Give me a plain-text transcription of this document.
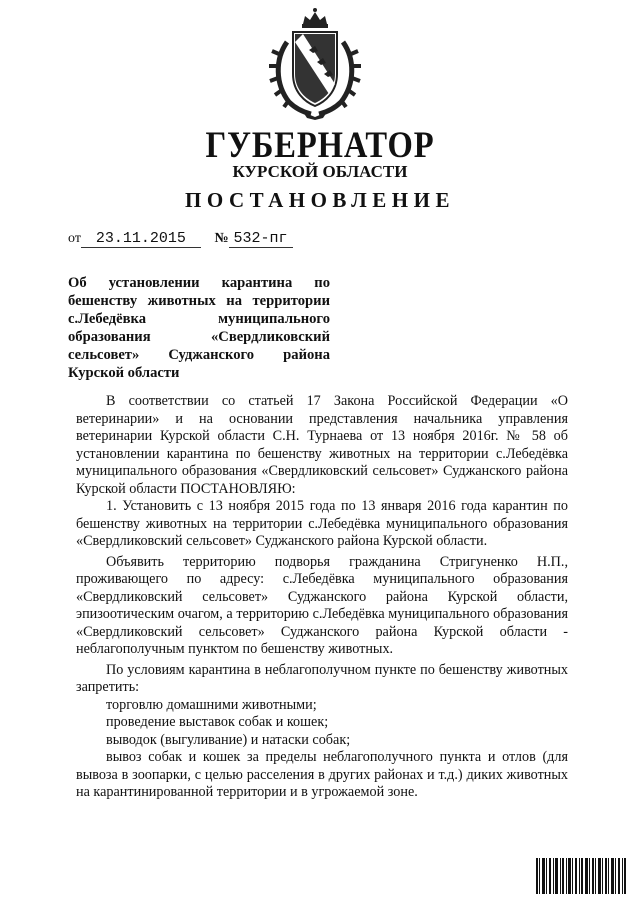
ГУБЕРНАТОР
КУРСКОЙ ОБЛАСТИ
ПОСТАНОВЛЕНИЕ
от 23.11.2015 № 532-пг
Об установлении карантина по
бешенству животных на территории
с.Лебедёвка муниципального
образования «Свердликовский
сельсовет» Суджанского района
Курской области

В соответствии со статьей 17 Закона Российской Федерации «О ветеринарии» и на основании представления начальника управления ветеринарии Курской области С.Н. Турнаева от 13 ноября 2016г. № 58 об установлении карантина по бешенству животных на территории с.Лебедёвка муниципального образования «Свердликовский сельсовет» Суджанского района Курской области ПОСТАНОВЛЯЮ:

1. Установить с 13 ноября 2015 года по 13 января 2016 года карантин по бешенству животных на территории с.Лебедёвка муниципального образования «Свердликовский сельсовет» Суджанского района Курской области.

Объявить территорию подворья гражданина Стригуненко Н.П., проживающего по адресу: с.Лебедёвка муниципального образования «Свердликовский сельсовет» Суджанского района Курской области, эпизоотическим очагом, а территорию с.Лебедёвка муниципального образования «Свердликовский сельсовет» Суджанского района Курской области - неблагополучным пунктом по бешенству животных.

По условиям карантина в неблагополучном пункте по бешенству животных запретить:

торговлю домашними животными;

проведение выставок собак и кошек;

выводок (выгуливание) и натаски собак;

вывоз собак и кошек за пределы неблагополучного пункта и отлов (для вывоза в зоопарки, с целью расселения в других районах и т.д.) диких животных на карантинированной территории и в угрожаемой зоне.
